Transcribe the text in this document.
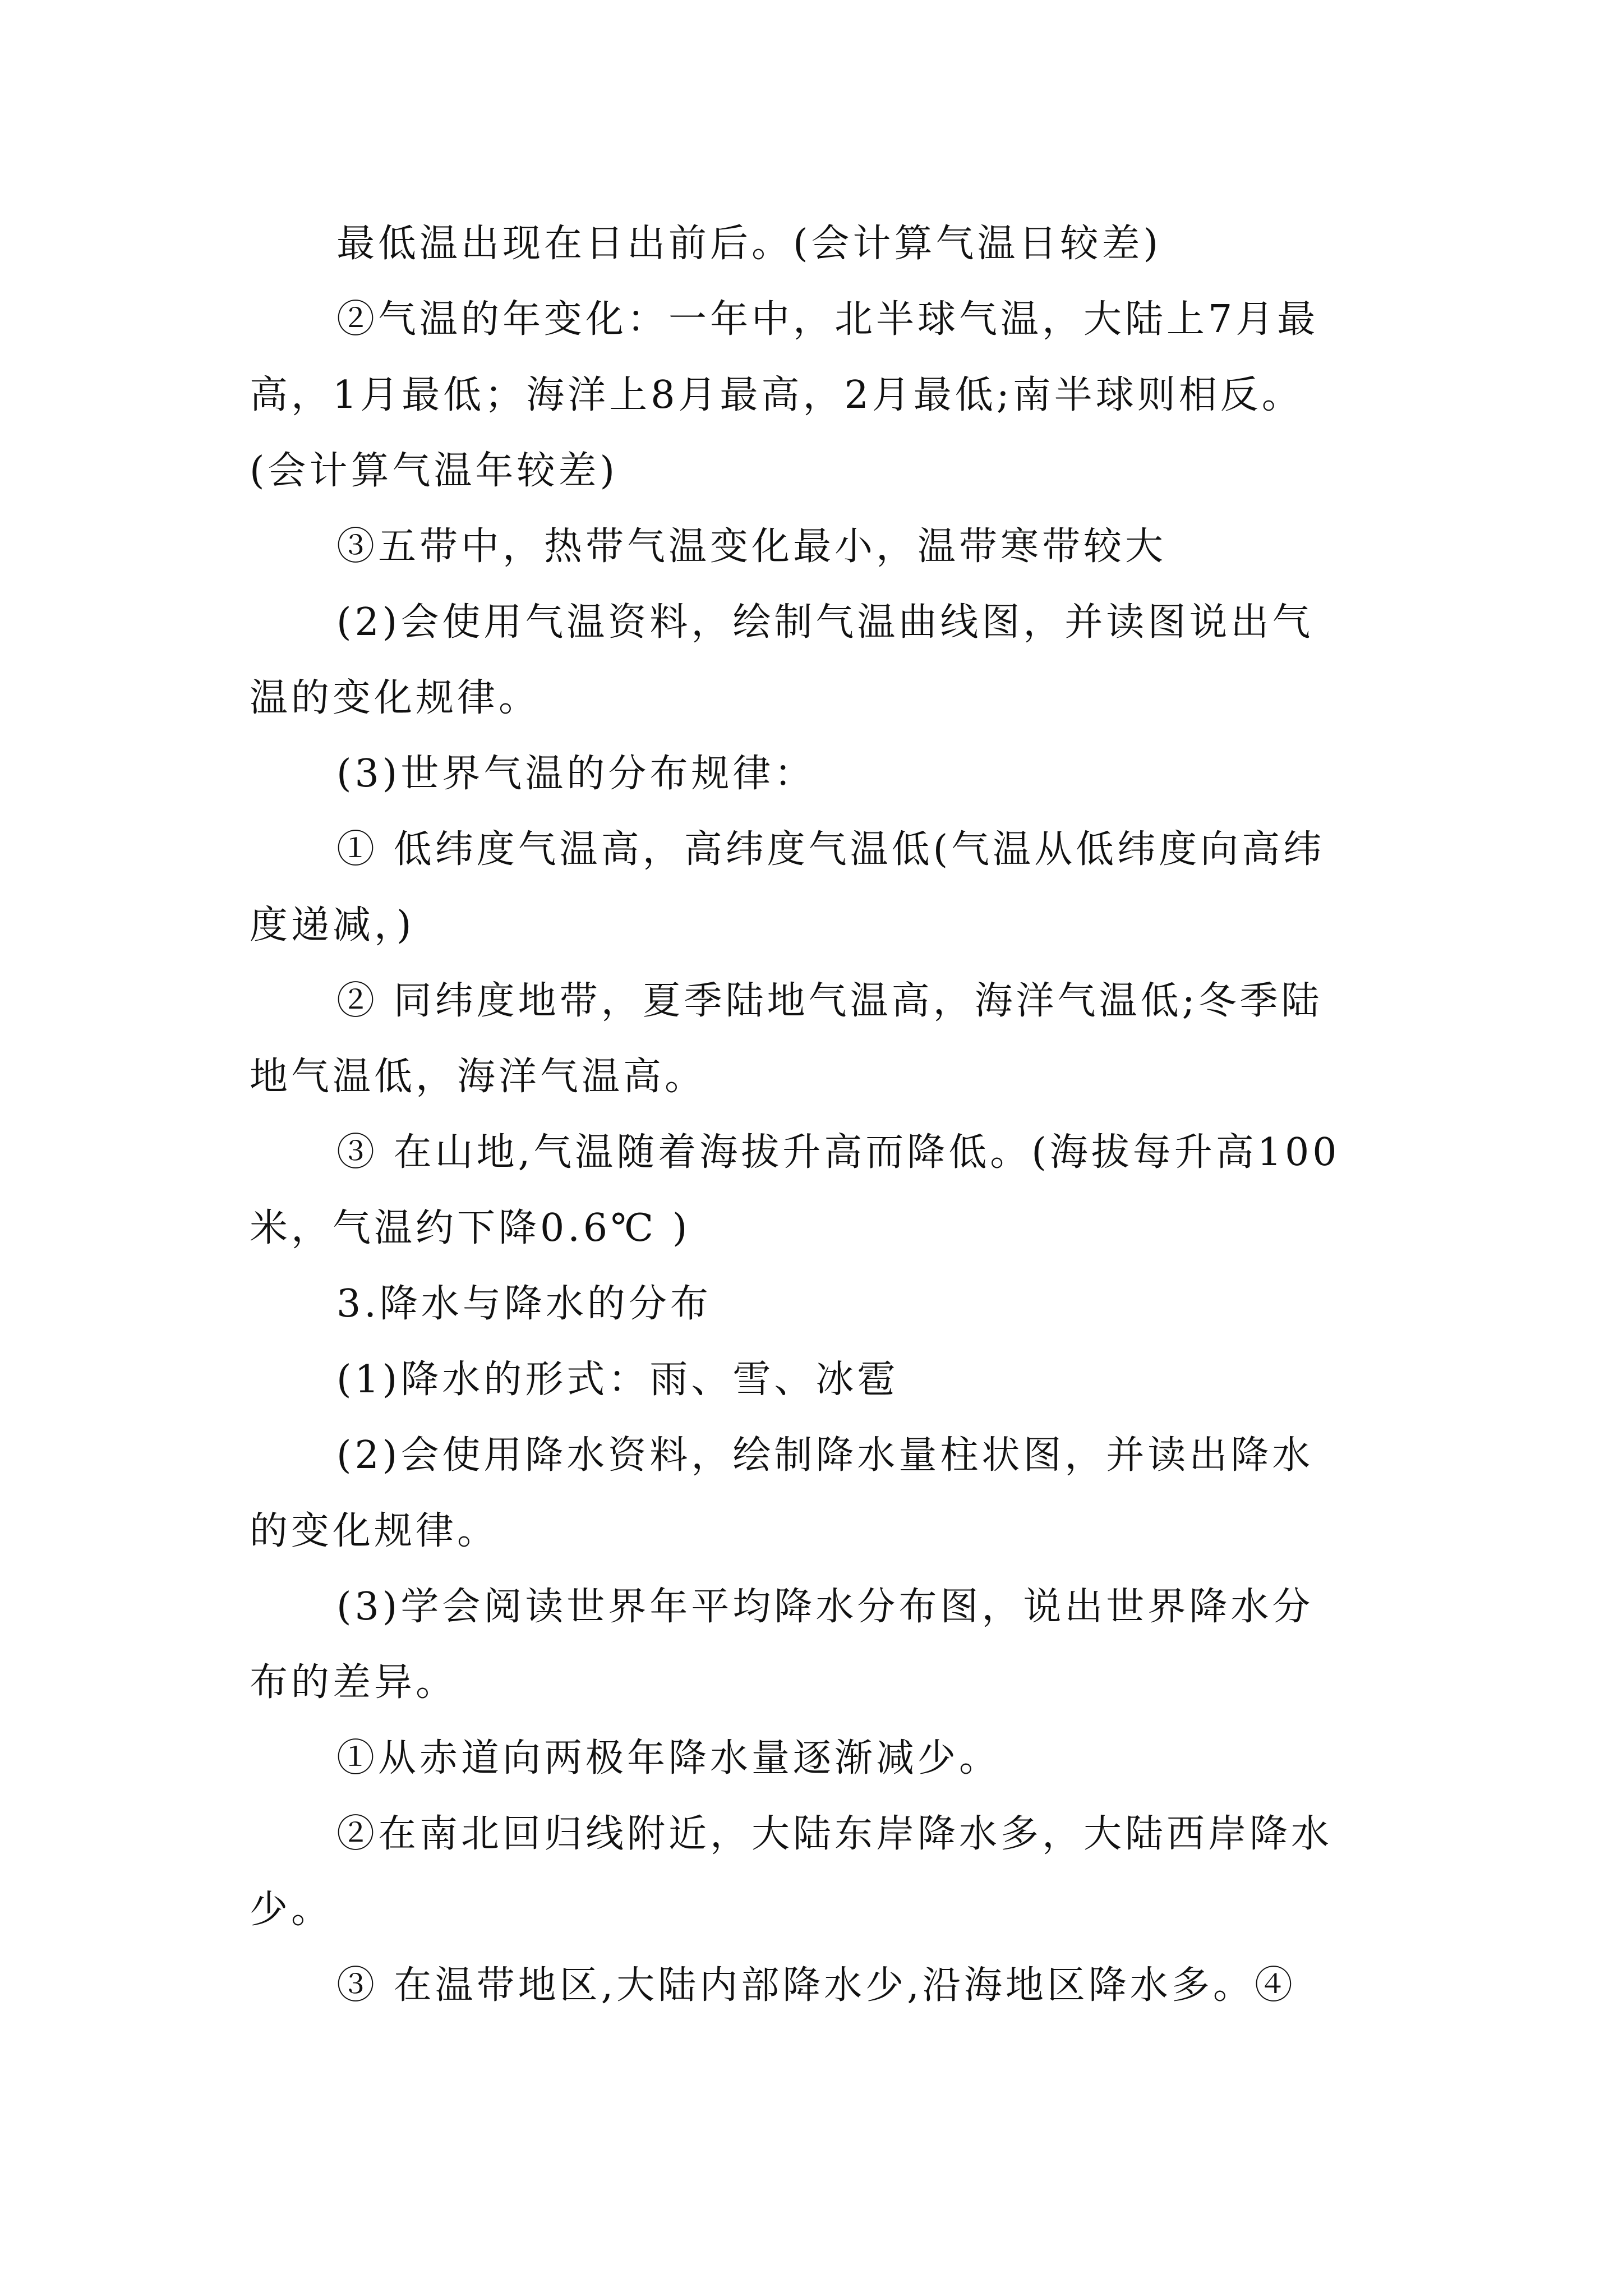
最低温出现在日出前后。(会计算气温日较差)
②气温的年变化：一年中，北半球气温，大陆上7月最
高，1月最低；海洋上8月最高，2月最低;南半球则相反。
(会计算气温年较差)
③五带中，热带气温变化最小，温带寒带较大
(2)会使用气温资料，绘制气温曲线图，并读图说出气
温的变化规律。
(3)世界气温的分布规律：
① 低纬度气温高，高纬度气温低(气温从低纬度向高纬
度递减，)
② 同纬度地带，夏季陆地气温高，海洋气温低;冬季陆
地气温低，海洋气温高。
③ 在山地,气温随着海拔升高而降低。(海拔每升高100
米，气温约下降0.6℃ )
3.降水与降水的分布
(1)降水的形式：雨、雪、冰雹
(2)会使用降水资料，绘制降水量柱状图，并读出降水
的变化规律。
(3)学会阅读世界年平均降水分布图，说出世界降水分
布的差异。
①从赤道向两极年降水量逐渐减少。
②在南北回归线附近，大陆东岸降水多，大陆西岸降水
少。
③ 在温带地区,大陆内部降水少,沿海地区降水多。④
